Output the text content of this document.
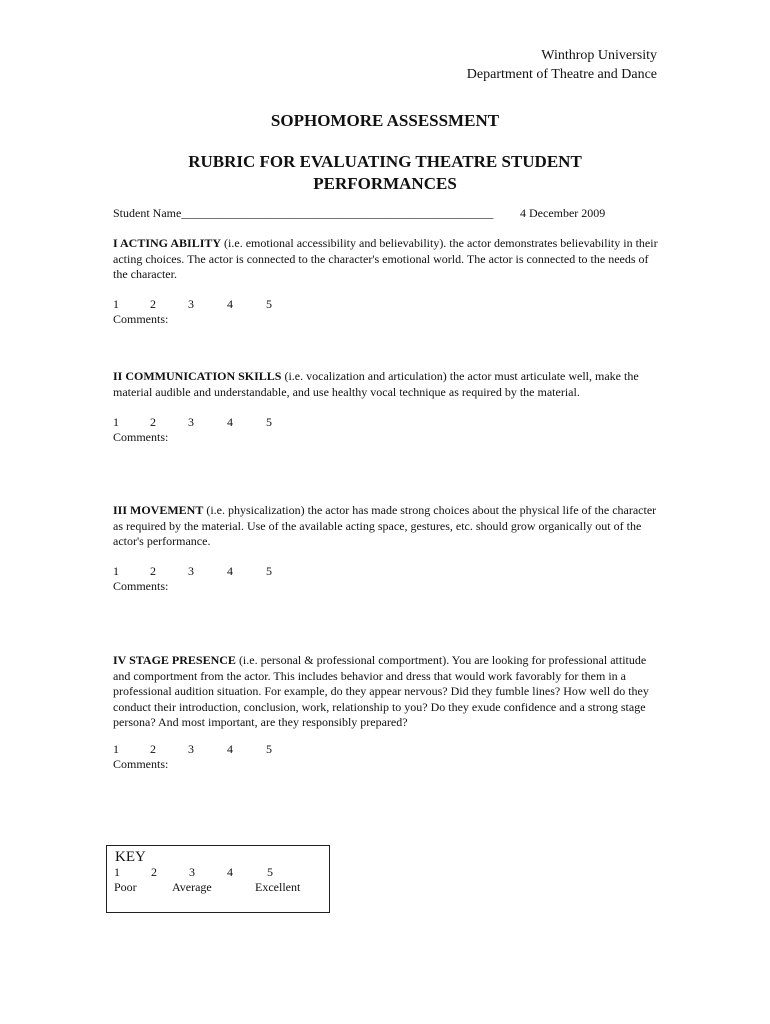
Winthrop University
Department of Theatre and Dance
SOPHOMORE ASSESSMENT
RUBRIC FOR EVALUATING THEATRE STUDENT
PERFORMANCES
Student Name____________________________________________________ 4 December 2009
I ACTING ABILITY (i.e. emotional accessibility and believability). the actor demonstrates believability in their acting choices. The actor is connected to the character's emotional world. The actor is connected to the needs of the character.
1	2	3	4	5
Comments:
II COMMUNICATION SKILLS (i.e. vocalization and articulation) the actor must articulate well, make the material audible and understandable, and use healthy vocal technique as required by the material.
1	2	3	4	5
Comments:
III MOVEMENT (i.e. physicalization) the actor has made strong choices about the physical life of the character as required by the material. Use of the available acting space, gestures, etc. should grow organically out of the actor's performance.
1	2	3	4	5
Comments:
IV STAGE PRESENCE (i.e. personal & professional comportment). You are looking for professional attitude and comportment from the actor. This includes behavior and dress that would work favorably for them in a professional audition situation. For example, do they appear nervous? Did they fumble lines? How well do they conduct their introduction, conclusion, work, relationship to you? Do they exude confidence and a strong stage persona? And most important, are they responsibly prepared?
1	2	3	4	5
Comments:
KEY
1	2	3	4	5
Poor	Average	Excellent
